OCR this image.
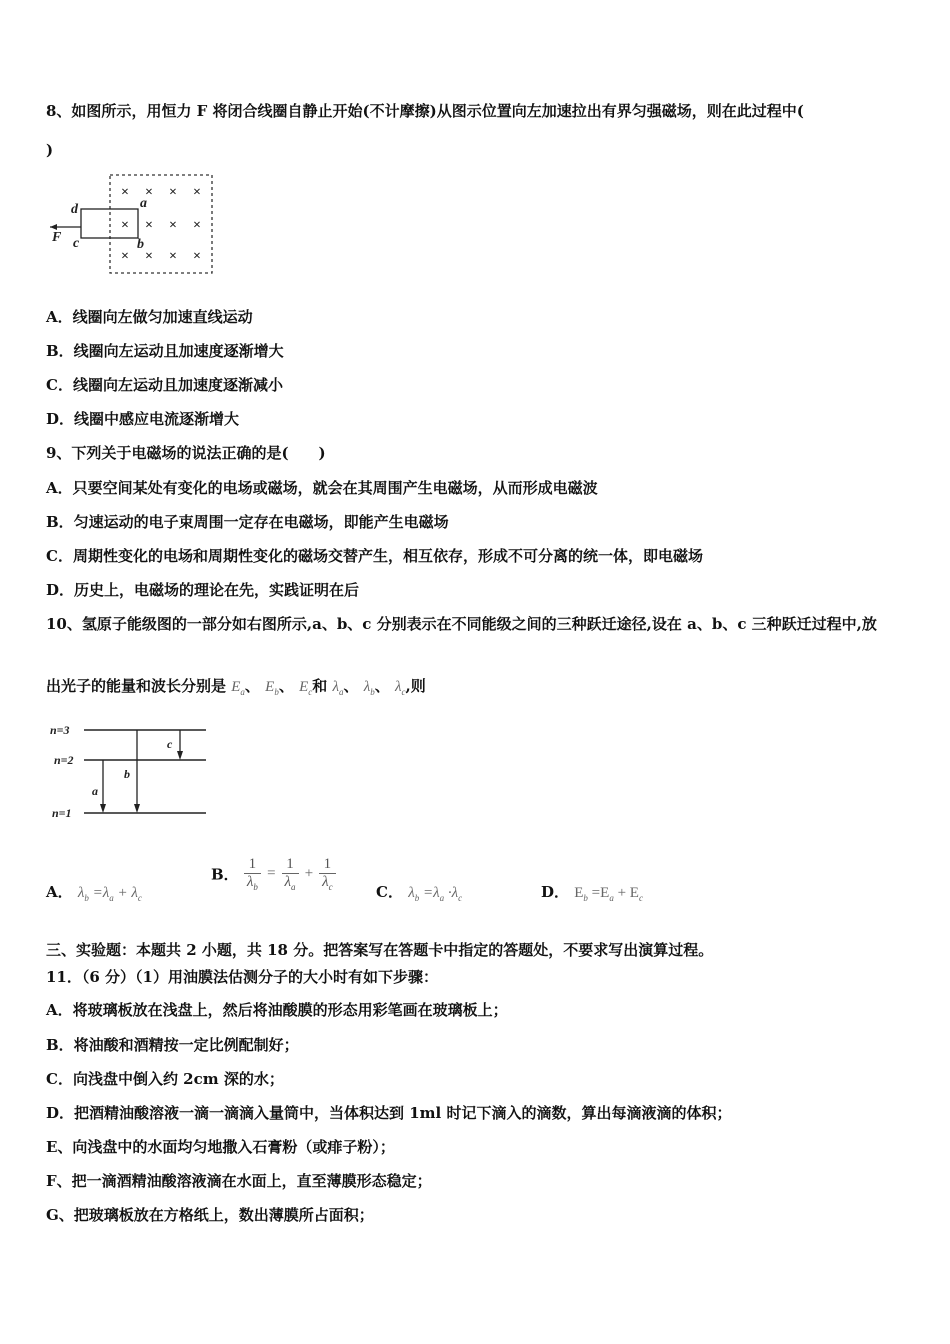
8、如图所示，用恒力 F 将闭合线圈自静止开始(不计摩擦)从图示位置向左加速拉出有界匀强磁场，则在此过程中(
)
× × × ×
× × × ×
× × × ×
d	a
b
c
F
A．线圈向左做匀加速直线运动
B．线圈向左运动且加速度逐渐增大
C．线圈向左运动且加速度逐渐减小
D．线圈中感应电流逐渐增大
9、下列关于电磁场的说法正确的是(　　)
A．只要空间某处有变化的电场或磁场，就会在其周围产生电磁场，从而形成电磁波
B．匀速运动的电子束周围一定存在电磁场，即能产生电磁场
C．周期性变化的电场和周期性变化的磁场交替产生，相互依存，形成不可分离的统一体，即电磁场
D．历史上，电磁场的理论在先，实践证明在后
10、氢原子能级图的一部分如右图所示,a、b、c 分别表示在不同能级之间的三种跃迁途径,设在 a、b、c 三种跃迁过程中,放
出光子的能量和波长分别是 $E_a$、 $E_b$、 $E_c$和 $\lambda_a$、 $\lambda_b$、 $\lambda_c$,则
n=3
n=2
n=1
a
b
c
A． $\lambda_b =\lambda_a + \lambda_c$
B． $\frac{1}{\lambda_b} = \frac{1}{\lambda_a} + \frac{1}{\lambda_c}$	C． $\lambda_b =\lambda_a \cdot\lambda_c$	D． $E_b =E_a + E_c$
三、实验题：本题共 2 小题，共 18 分。把答案写在答题卡中指定的答题处，不要求写出演算过程。
11．（6 分）（1）用油膜法估测分子的大小时有如下步骤：
A．将玻璃板放在浅盘上，然后将油酸膜的形态用彩笔画在玻璃板上；
B．将油酸和酒精按一定比例配制好；
C．向浅盘中倒入约 2cm 深的水；
D．把酒精油酸溶液一滴一滴滴入量筒中，当体积达到 1ml 时记下滴入的滴数，算出每滴液滴的体积；
E、向浅盘中的水面均匀地撒入石膏粉（或痱子粉）；
F、把一滴酒精油酸溶液滴在水面上，直至薄膜形态稳定；
G、把玻璃板放在方格纸上，数出薄膜所占面积；
